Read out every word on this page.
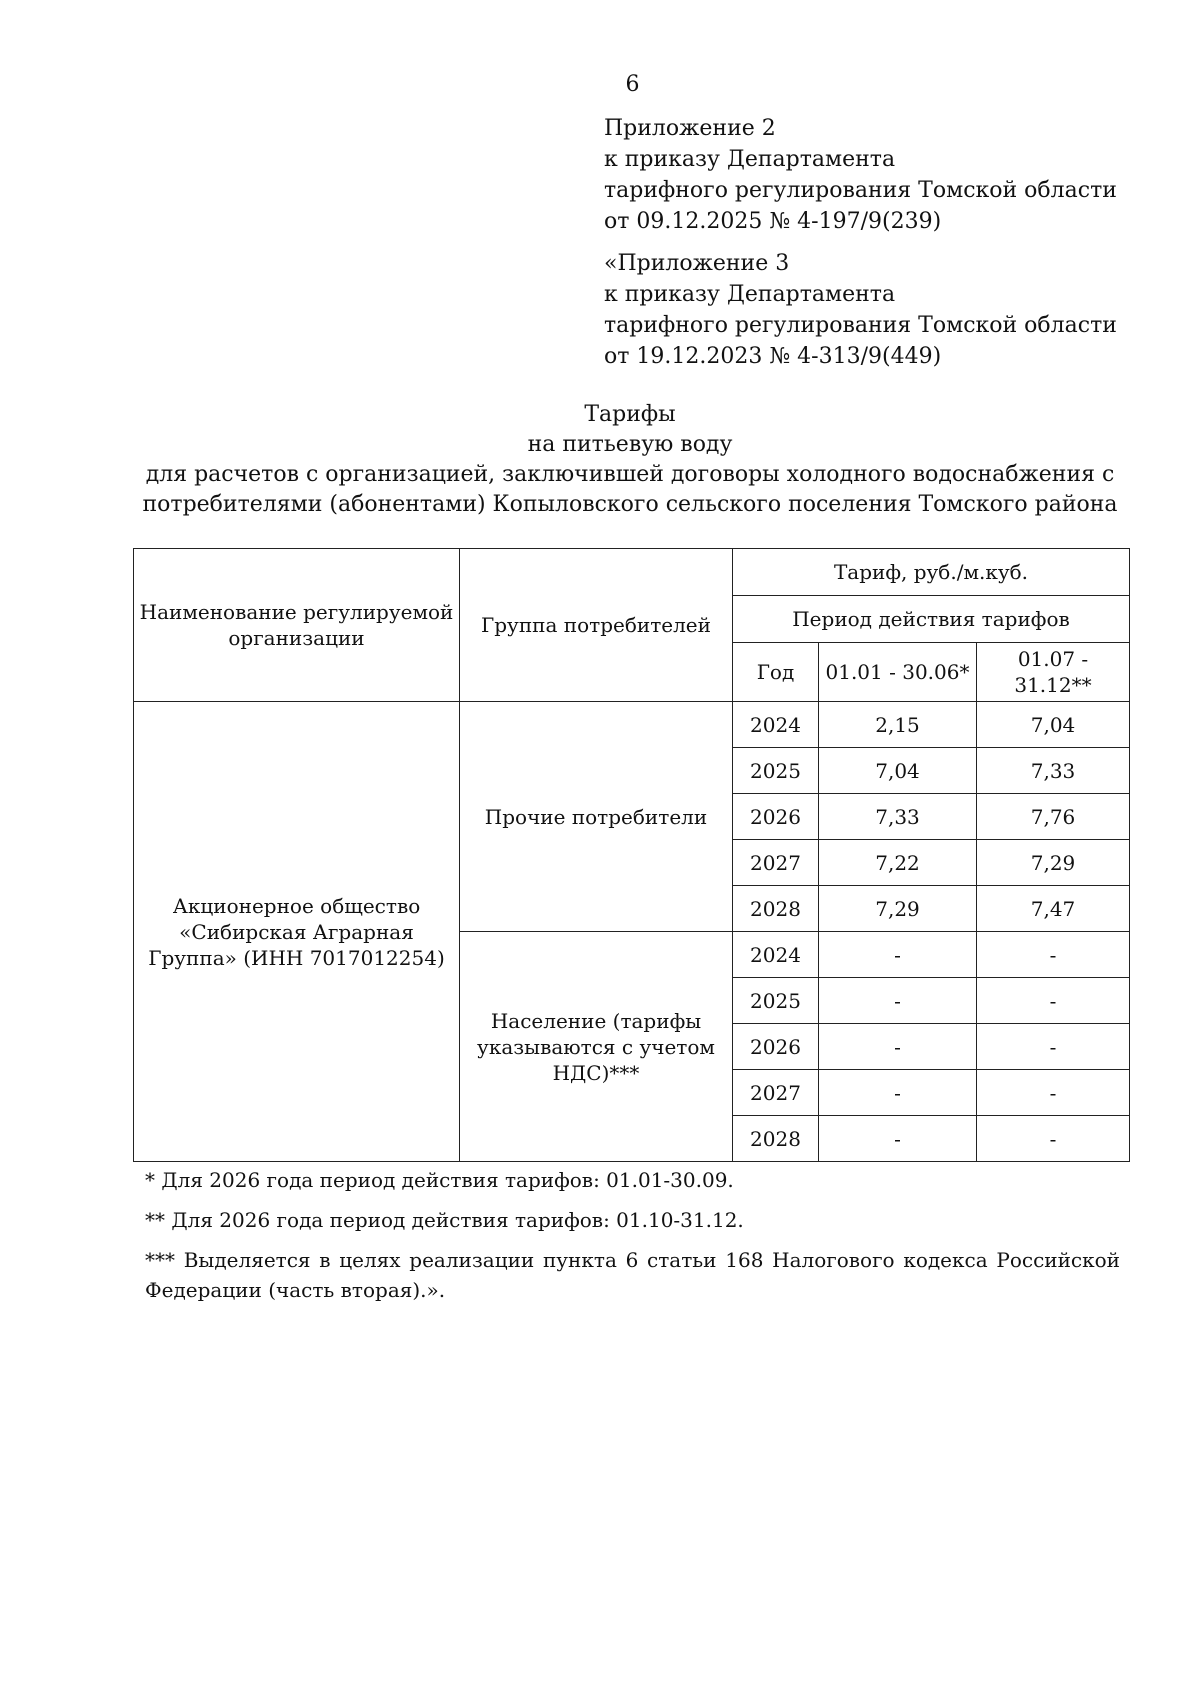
6
Приложение 2
к приказу Департамента
тарифного регулирования Томской области
от 09.12.2025 № 4-197/9(239)
«Приложение 3
к приказу Департамента
тарифного регулирования Томской области
от 19.12.2023 № 4-313/9(449)
Тарифы
на питьевую воду
для расчетов с организацией, заключившей договоры холодного водоснабжения с
потребителями (абонентами) Копыловского сельского поселения Томского района
Наименование регулируемой организации	Группа потребителей	Тариф, руб./м.куб.		
		Период действия тарифов		
		Год	01.01 - 30.06*	01.07 - 31.12**
Акционерное общество «Сибирская Аграрная Группа» (ИНН 7017012254)	Прочие потребители	2024	2,15	7,04
		2025	7,04	7,33
		2026	7,33	7,76
		2027	7,22	7,29
		2028	7,29	7,47
	Население (тарифы указываются с учетом НДС)***	2024	-	-
		2025	-	-
		2026	-	-
		2027	-	-
		2028	-	-
* Для 2026 года период действия тарифов: 01.01-30.09.
** Для 2026 года период действия тарифов: 01.10-31.12.
*** Выделяется в целях реализации пункта 6 статьи 168 Налогового кодекса Российской Федерации (часть вторая).».
